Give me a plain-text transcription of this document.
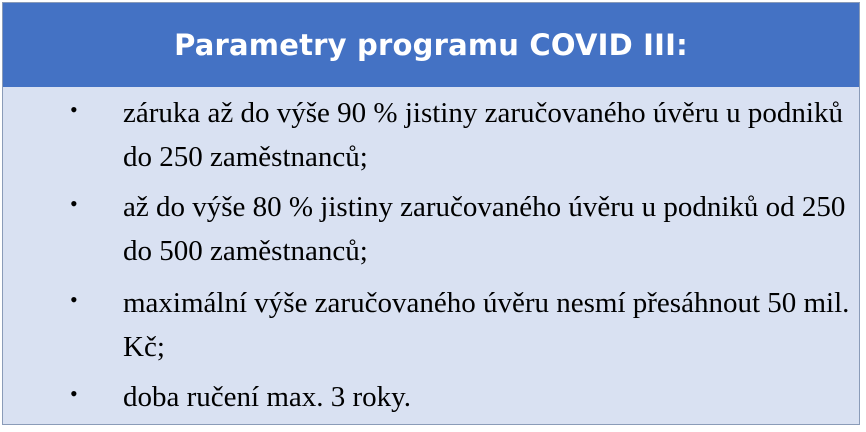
Parametry programu COVID III:
• záruka až do výše 90 % jistiny zaručovaného úvěru u podniků do 250 zaměstnanců;
• až do výše 80 % jistiny zaručovaného úvěru u podniků od 250 do 500 zaměstnanců;
• maximální výše zaručovaného úvěru nesmí přesáhnout 50 mil. Kč;
• doba ručení max. 3 roky.
